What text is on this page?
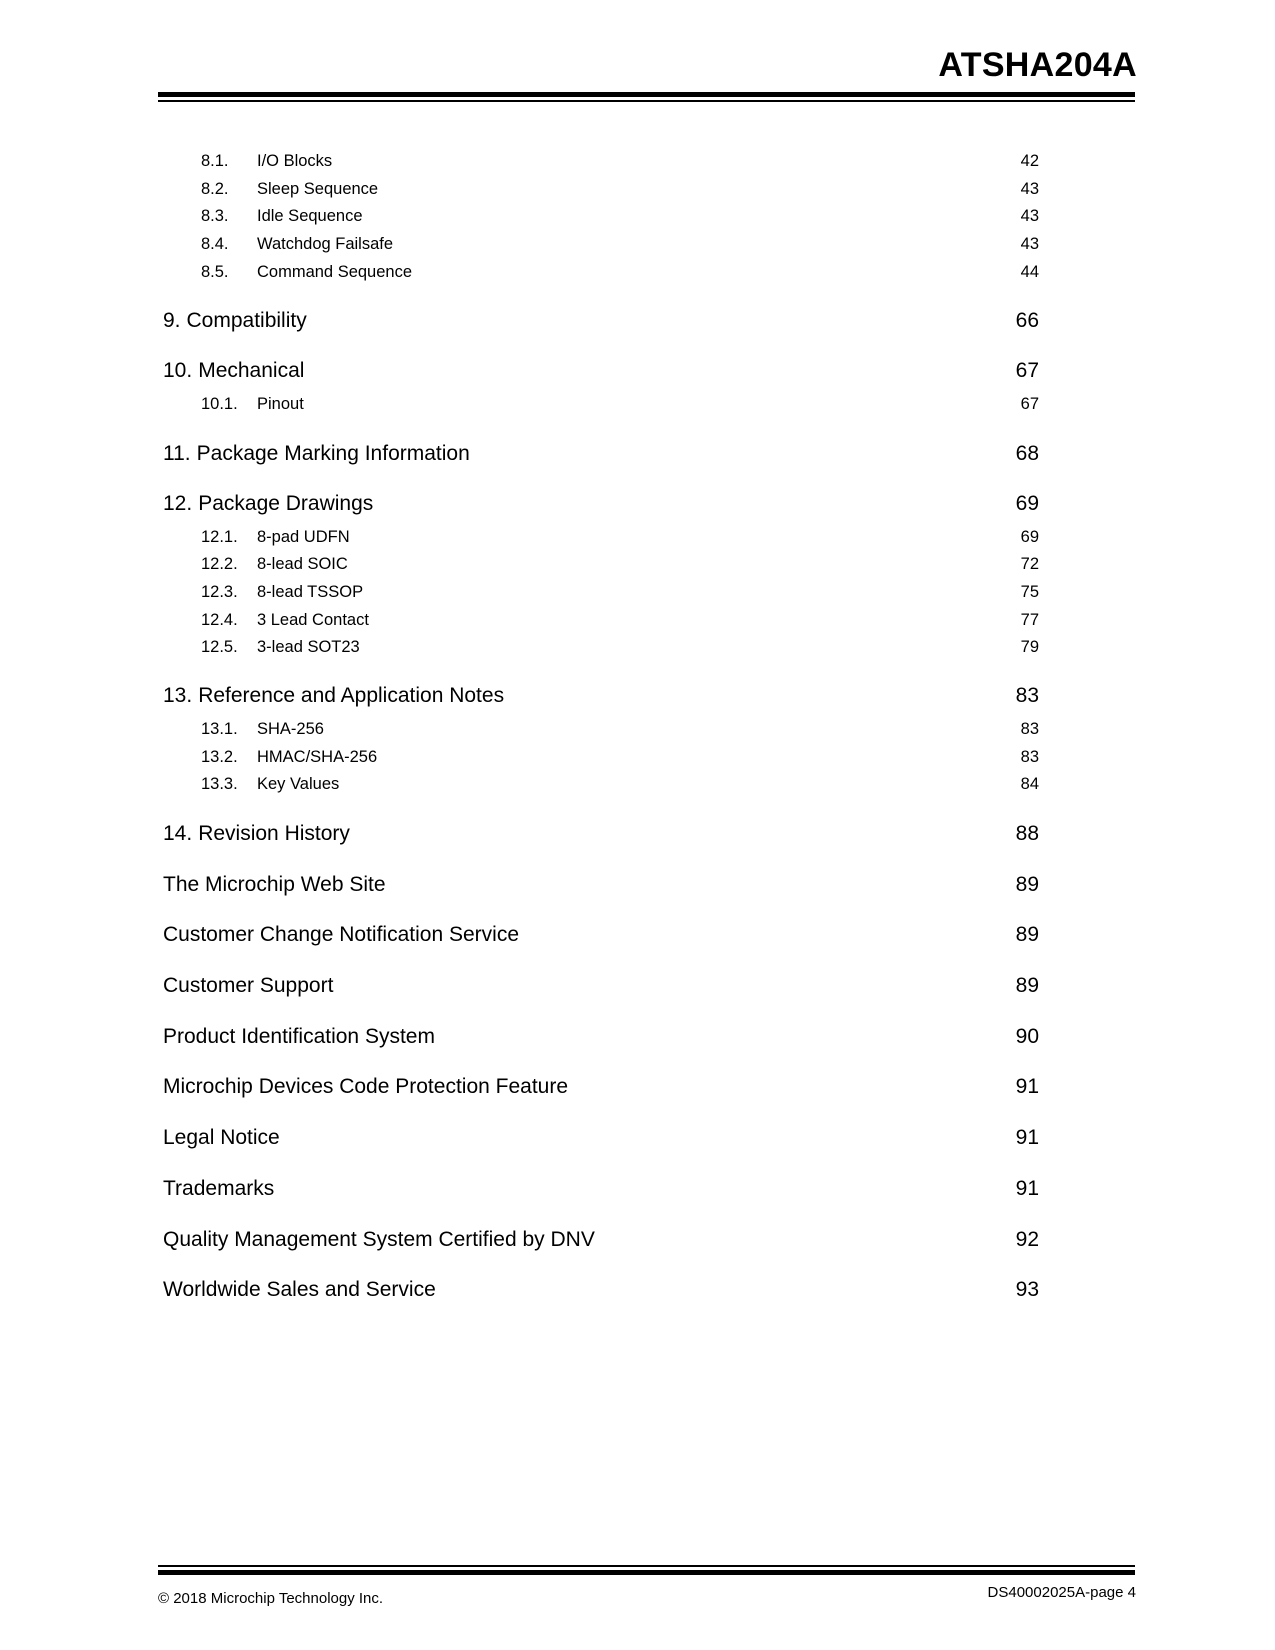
ATSHA204A
8.1.	I/O Blocks	42
8.2.	Sleep Sequence	43
8.3.	Idle Sequence	43
8.4.	Watchdog Failsafe	43
8.5.	Command Sequence	44
9. Compatibility	66
10. Mechanical	67
10.1.	Pinout	67
11. Package Marking Information	68
12. Package Drawings	69
12.1.	8-pad UDFN	69
12.2.	8-lead SOIC	72
12.3.	8-lead TSSOP	75
12.4.	3 Lead Contact	77
12.5.	3-lead SOT23	79
13. Reference and Application Notes	83
13.1.	SHA-256	83
13.2.	HMAC/SHA-256	83
13.3.	Key Values	84
14. Revision History	88
The Microchip Web Site	89
Customer Change Notification Service	89
Customer Support	89
Product Identification System	90
Microchip Devices Code Protection Feature	91
Legal Notice	91
Trademarks	91
Quality Management System Certified by DNV	92
Worldwide Sales and Service	93
© 2018 Microchip Technology Inc.	DS40002025A-page 4
